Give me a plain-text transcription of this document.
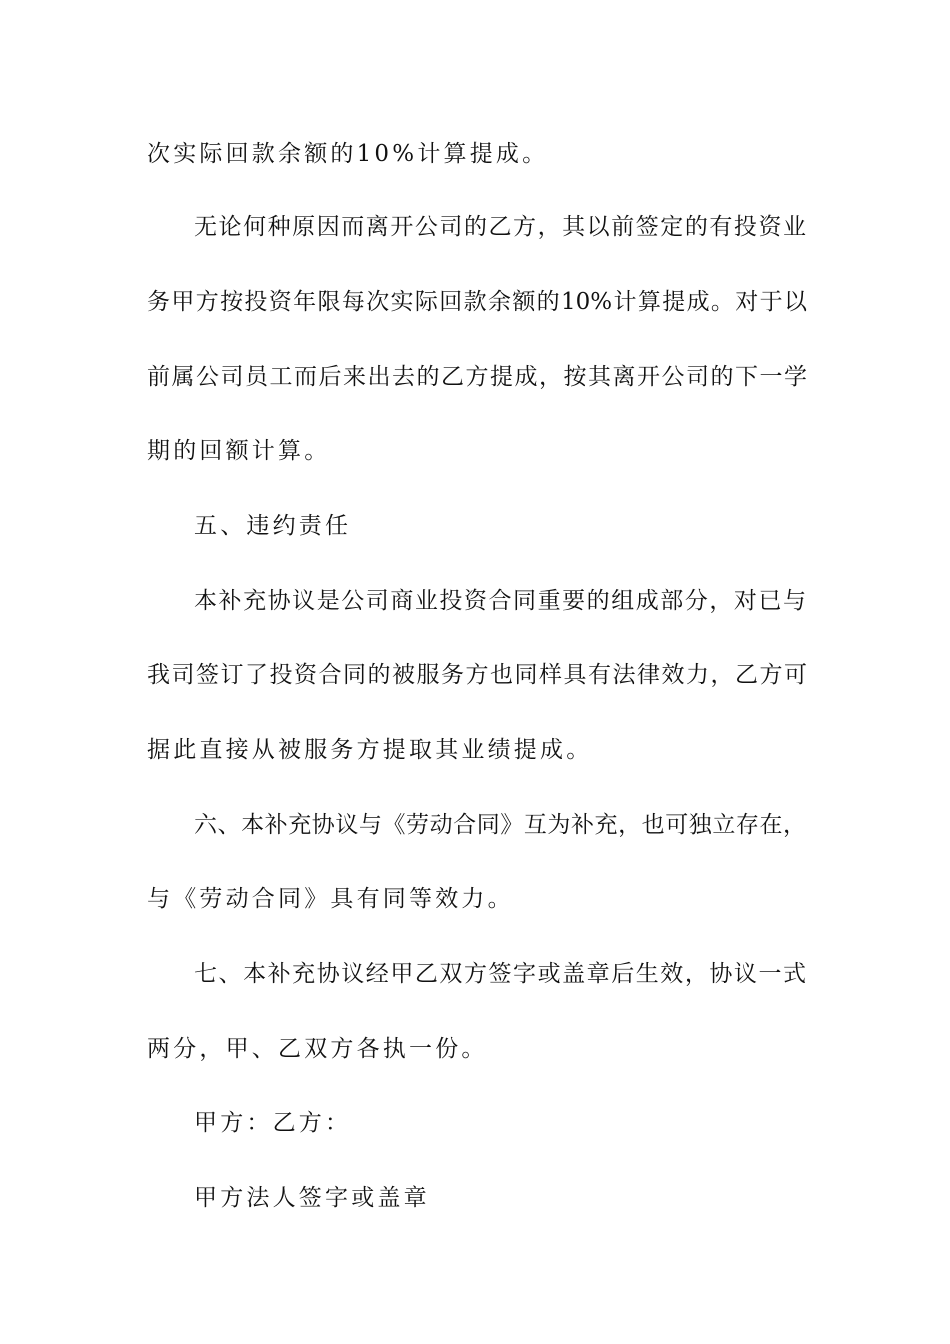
次实际回款余额的10%计算提成。
无论何种原因而离开公司的乙方，其以前签定的有投资业
务甲方按投资年限每次实际回款余额的10%计算提成。对于以
前属公司员工而后来出去的乙方提成，按其离开公司的下一学
期的回额计算。
五、违约责任
本补充协议是公司商业投资合同重要的组成部分，对已与
我司签订了投资合同的被服务方也同样具有法律效力，乙方可
据此直接从被服务方提取其业绩提成。
六、本补充协议与《劳动合同》互为补充，也可独立存在，
与《劳动合同》具有同等效力。
七、本补充协议经甲乙双方签字或盖章后生效，协议一式
两分，甲、乙双方各执一份。
甲方：乙方：
甲方法人签字或盖章
